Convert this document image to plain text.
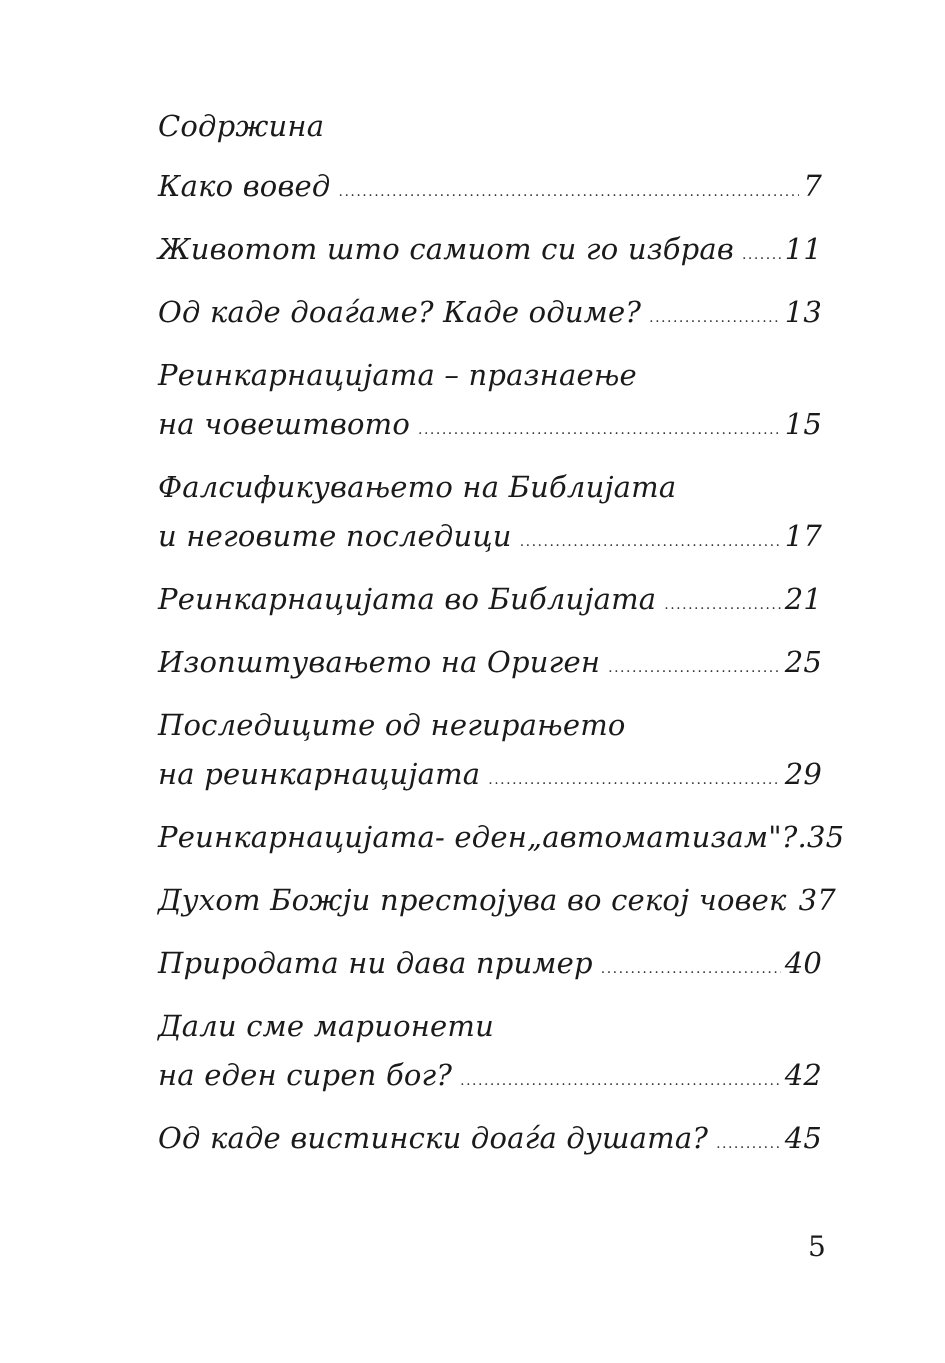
Содржина
Како вовед .....	7
Животот што самиот си го избрав ..... 11
Од каде доаѓаме? Каде одиме? .....	13
Реинкарнацијата – празнаење
на човештвото .....	15
Фалсификувањето на Библијата
и неговите последици .....	17
Реинкарнацијата во Библијата .....	21
Изопштувањето на Ориген .....	25
Последиците од негирањето
на реинкарнацијата .....	29
Реинкарнацијата- еден„автоматизам"?. 35
Духот Божји престојува во секој човек 37
Природата ни дава пример .....	40
Дали сме марионети
на еден сиреп бог? .....	42
Од каде вистински доаѓа душата? .....	45
5
